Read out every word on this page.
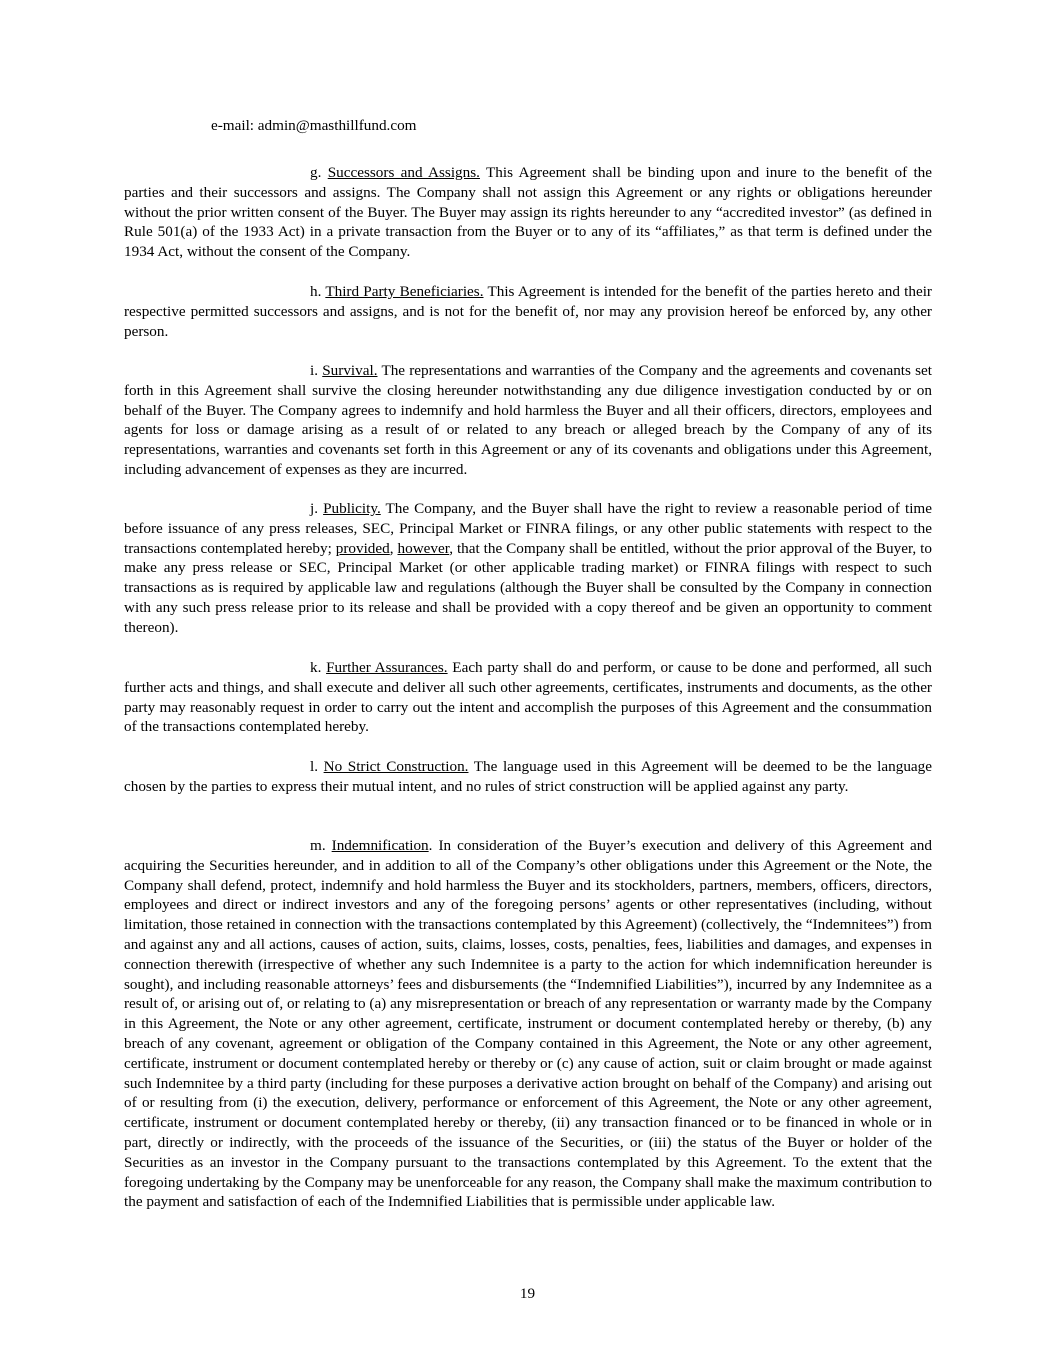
e-mail: admin@masthillfund.com

g. Successors and Assigns. This Agreement shall be binding upon and inure to the benefit of the parties and their successors and assigns. The Company shall not assign this Agreement or any rights or obligations hereunder without the prior written consent of the Buyer. The Buyer may assign its rights hereunder to any “accredited investor” (as defined in Rule 501(a) of the 1933 Act) in a private transaction from the Buyer or to any of its “affiliates,” as that term is defined under the 1934 Act, without the consent of the Company.

h. Third Party Beneficiaries. This Agreement is intended for the benefit of the parties hereto and their respective permitted successors and assigns, and is not for the benefit of, nor may any provision hereof be enforced by, any other person.

i. Survival. The representations and warranties of the Company and the agreements and covenants set forth in this Agreement shall survive the closing hereunder notwithstanding any due diligence investigation conducted by or on behalf of the Buyer. The Company agrees to indemnify and hold harmless the Buyer and all their officers, directors, employees and agents for loss or damage arising as a result of or related to any breach or alleged breach by the Company of any of its representations, warranties and covenants set forth in this Agreement or any of its covenants and obligations under this Agreement, including advancement of expenses as they are incurred.

j. Publicity. The Company, and the Buyer shall have the right to review a reasonable period of time before issuance of any press releases, SEC, Principal Market or FINRA filings, or any other public statements with respect to the transactions contemplated hereby; provided, however, that the Company shall be entitled, without the prior approval of the Buyer, to make any press release or SEC, Principal Market (or other applicable trading market) or FINRA filings with respect to such transactions as is required by applicable law and regulations (although the Buyer shall be consulted by the Company in connection with any such press release prior to its release and shall be provided with a copy thereof and be given an opportunity to comment thereon).

k. Further Assurances. Each party shall do and perform, or cause to be done and performed, all such further acts and things, and shall execute and deliver all such other agreements, certificates, instruments and documents, as the other party may reasonably request in order to carry out the intent and accomplish the purposes of this Agreement and the consummation of the transactions contemplated hereby.

l. No Strict Construction. The language used in this Agreement will be deemed to be the language chosen by the parties to express their mutual intent, and no rules of strict construction will be applied against any party.

m. Indemnification. In consideration of the Buyer’s execution and delivery of this Agreement and acquiring the Securities hereunder, and in addition to all of the Company’s other obligations under this Agreement or the Note, the Company shall defend, protect, indemnify and hold harmless the Buyer and its stockholders, partners, members, officers, directors, employees and direct or indirect investors and any of the foregoing persons’ agents or other representatives (including, without limitation, those retained in connection with the transactions contemplated by this Agreement) (collectively, the “Indemnitees”) from and against any and all actions, causes of action, suits, claims, losses, costs, penalties, fees, liabilities and damages, and expenses in connection therewith (irrespective of whether any such Indemnitee is a party to the action for which indemnification hereunder is sought), and including reasonable attorneys’ fees and disbursements (the “Indemnified Liabilities”), incurred by any Indemnitee as a result of, or arising out of, or relating to (a) any misrepresentation or breach of any representation or warranty made by the Company in this Agreement, the Note or any other agreement, certificate, instrument or document contemplated hereby or thereby, (b) any breach of any covenant, agreement or obligation of the Company contained in this Agreement, the Note or any other agreement, certificate, instrument or document contemplated hereby or thereby or (c) any cause of action, suit or claim brought or made against such Indemnitee by a third party (including for these purposes a derivative action brought on behalf of the Company) and arising out of or resulting from (i) the execution, delivery, performance or enforcement of this Agreement, the Note or any other agreement, certificate, instrument or document contemplated hereby or thereby, (ii) any transaction financed or to be financed in whole or in part, directly or indirectly, with the proceeds of the issuance of the Securities, or (iii) the status of the Buyer or holder of the Securities as an investor in the Company pursuant to the transactions contemplated by this Agreement. To the extent that the foregoing undertaking by the Company may be unenforceable for any reason, the Company shall make the maximum contribution to the payment and satisfaction of each of the Indemnified Liabilities that is permissible under applicable law.

19
